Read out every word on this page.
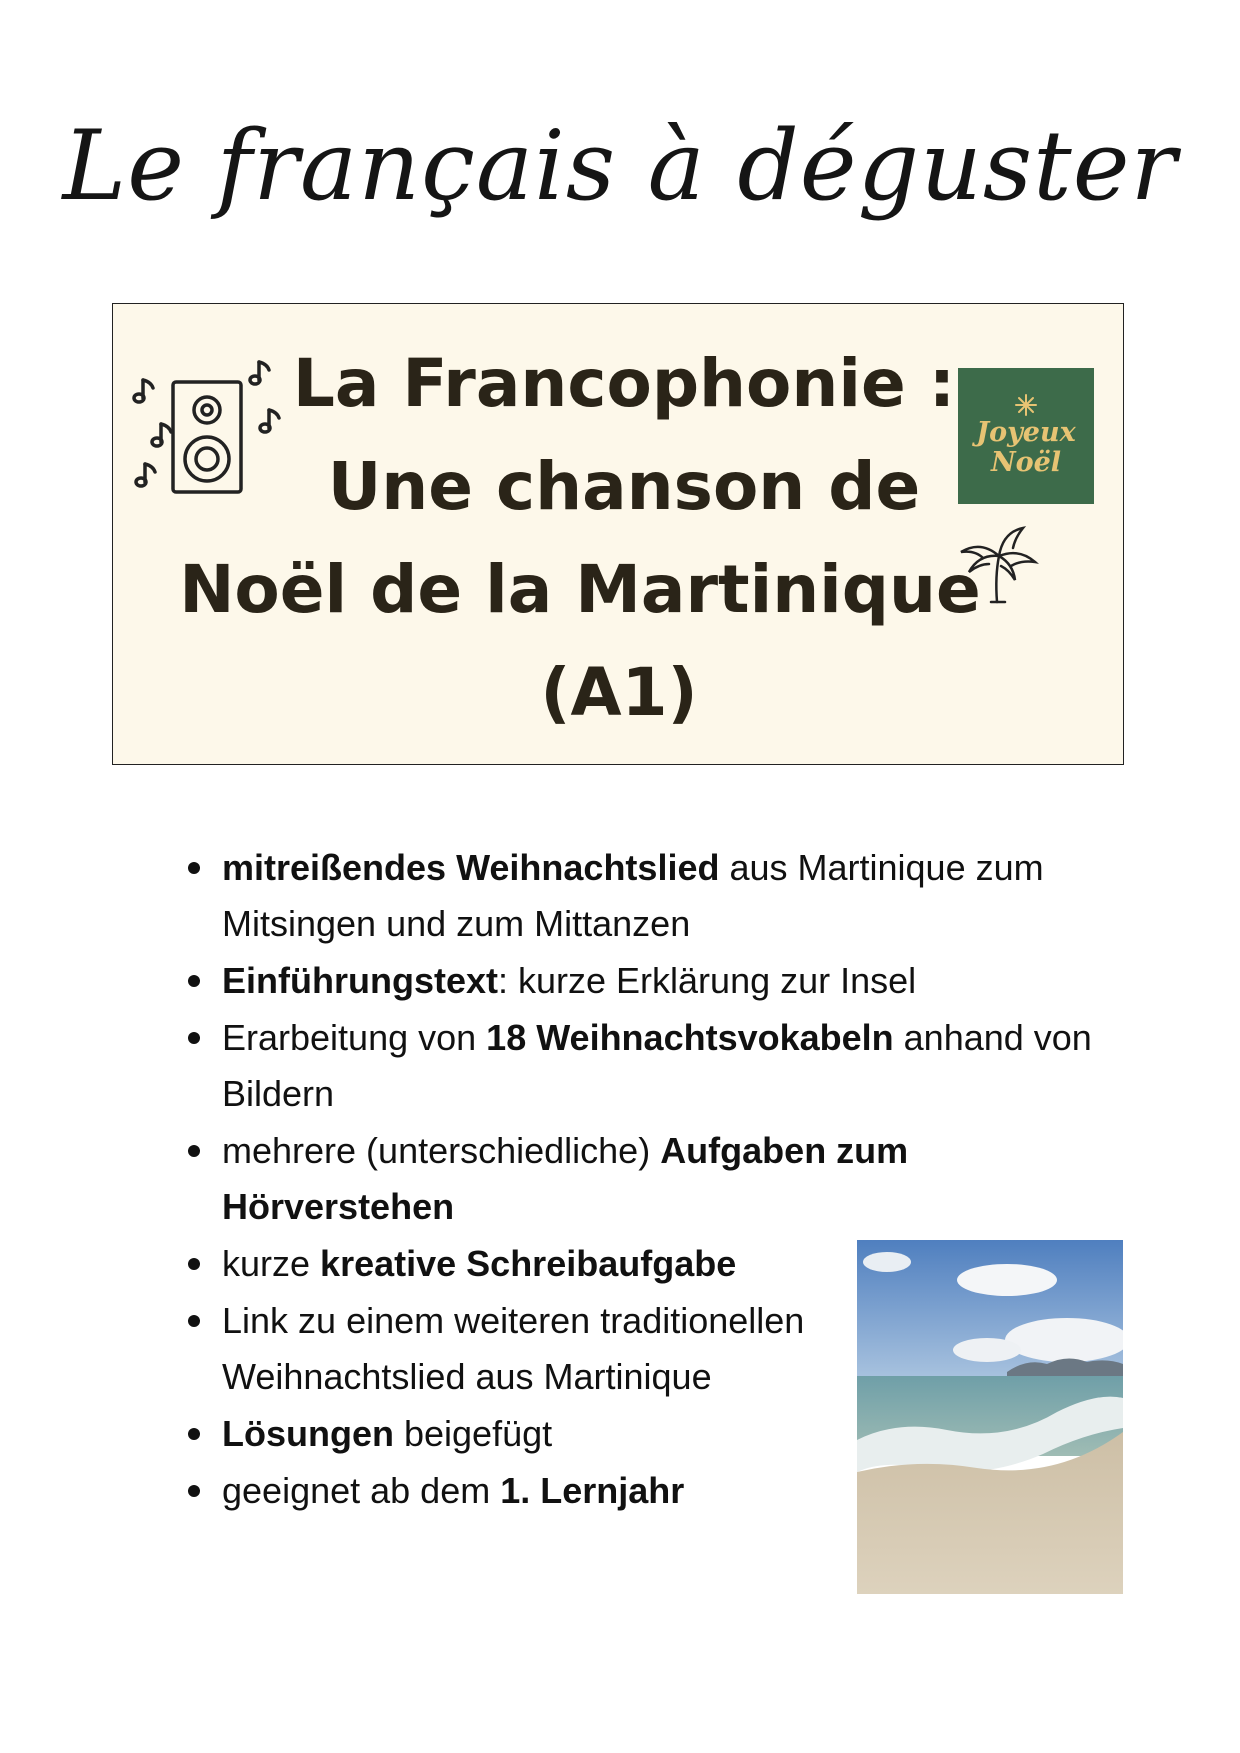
Le français à déguster
La Francophonie :
Une chanson de
Noël de la Martinique
(A1)
Joyeux
Noël
mitreißendes Weihnachtslied aus Martinique zum Mitsingen und zum Mittanzen
Einführungstext: kurze Erklärung zur Insel
Erarbeitung von 18 Weihnachtsvokabeln anhand von Bildern
mehrere (unterschiedliche) Aufgaben zum Hörverstehen
kurze kreative Schreibaufgabe
Link zu einem weiteren traditionellen Weihnachtslied aus Martinique
Lösungen beigefügt
geeignet ab dem 1. Lernjahr
